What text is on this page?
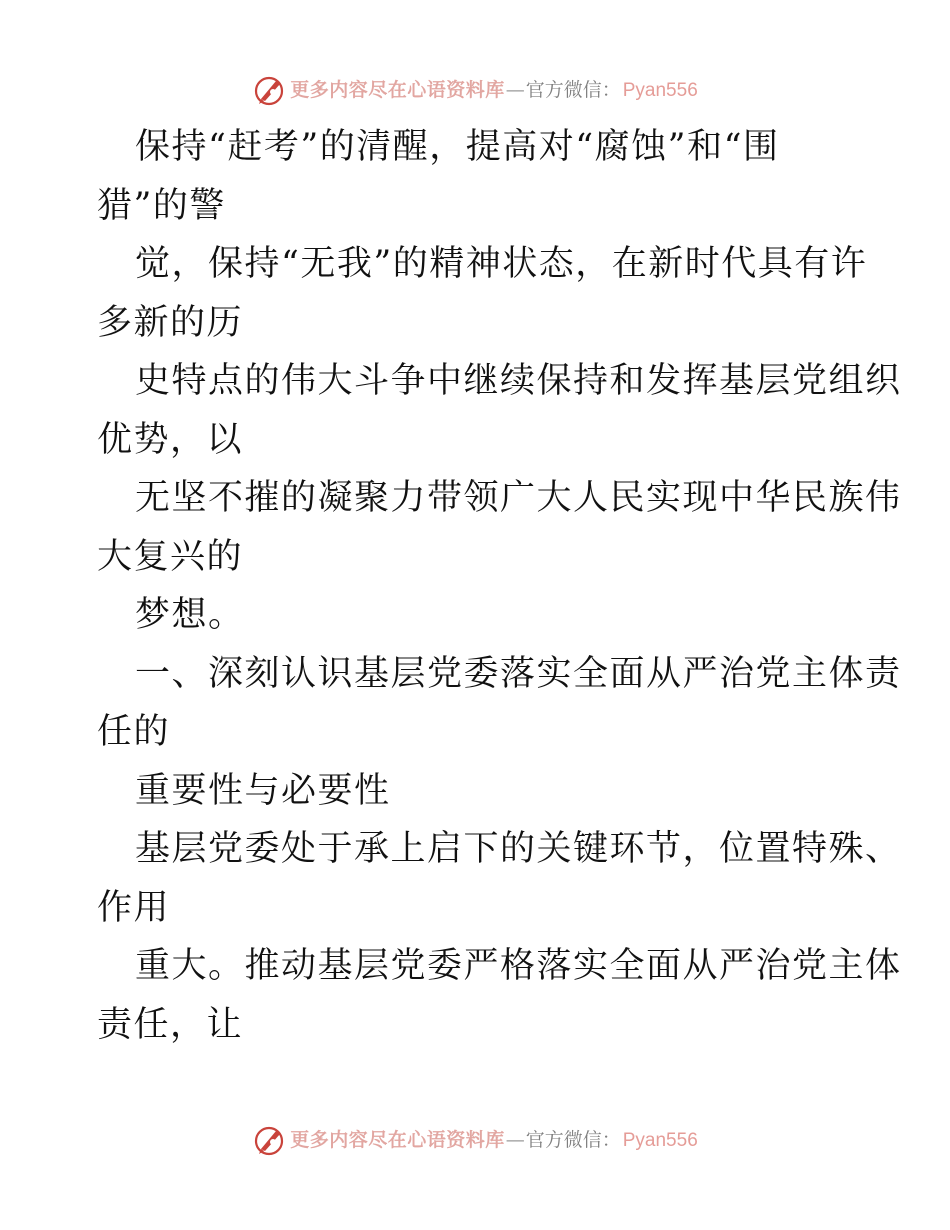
更多内容尽在心语资料库 — 官方微信： Pyan556
保持“赶考”的清醒，提高对“腐蚀”和“围
猎”的警
觉，保持“无我”的精神状态，在新时代具有许
多新的历
史特点的伟大斗争中继续保持和发挥基层党组织
优势，以
无坚不摧的凝聚力带领广大人民实现中华民族伟
大复兴的
梦想。
一、深刻认识基层党委落实全面从严治党主体责
任的
重要性与必要性
基层党委处于承上启下的关键环节，位置特殊、
作用
重大。推动基层党委严格落实全面从严治党主体
责任，让
更多内容尽在心语资料库 — 官方微信： Pyan556
